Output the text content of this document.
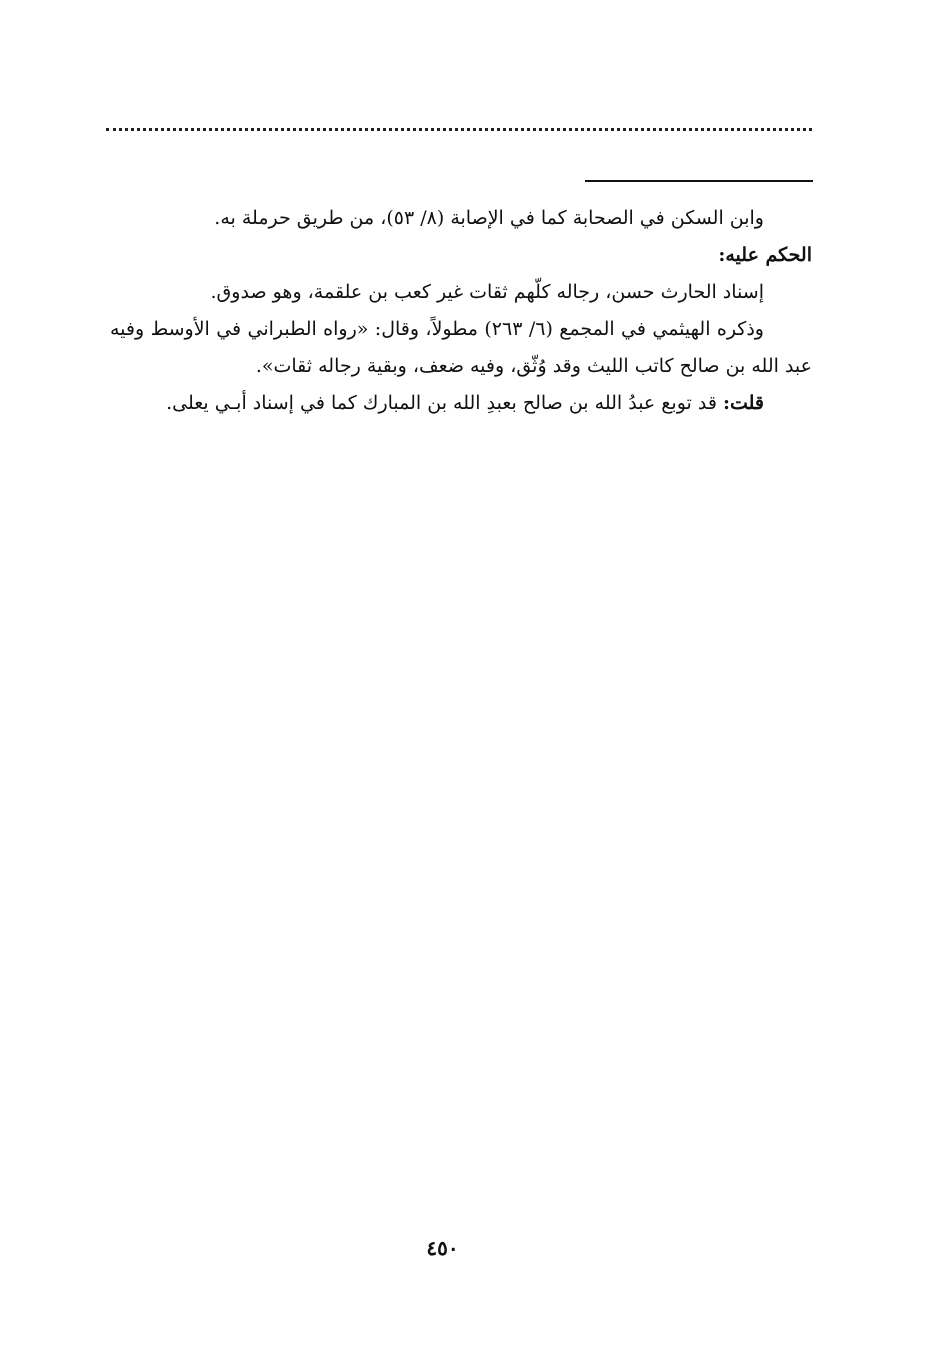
وابن السكن في الصحابة كما في الإصابة (٨/ ٥٣)، من طريق حرملة به.

الحكم عليه:

إسناد الحارث حسن، رجاله كلّهم ثقات غير كعب بن علقمة، وهو صدوق.

وذكره الهيثمي في المجمع (٦/ ٢٦٣) مطولاً، وقال: «رواه الطبراني في الأوسط وفيه عبد الله بن صالح كاتب الليث وقد وُثّق، وفيه ضعف، وبقية رجاله ثقات».

قلت: قد توبع عبدُ الله بن صالح بعبدِ الله بن المبارك كما في إسناد أبـي يعلى.

٤٥٠
